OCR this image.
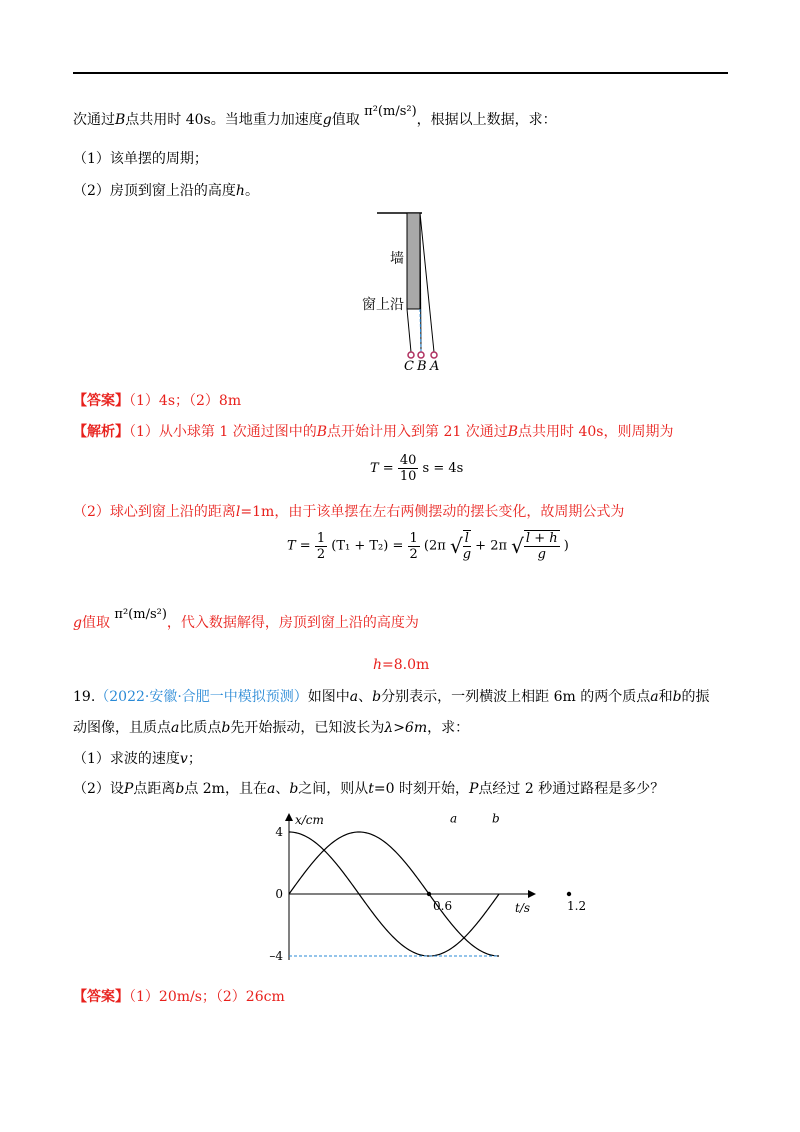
次通过B点共用时 40s。当地重力加速度g值取 π²(m/s²)，根据以上数据，求：
（1）该单摆的周期；
（2）房顶到窗上沿的高度h。
墙
窗上沿
C B A
【答案】（1）4s；（2）8m
【解析】（1）从小球第 1 次通过图中的B点开始计用入到第 21 次通过B点共用时 40s，则周期为
$T = \frac{40}{10}$ s = 4s
（2）球心到窗上沿的距离l=1m，由于该单摆在左右两侧摆动的摆长变化，故周期公式为
$T = \frac{1}{2} (T_1 + T_2) = \frac{1}{2} (2\pi$ √ $\frac{l}{g} + 2\pi$ √ $\frac{l + h}{g}$ )
g值取 π²(m/s²)，代入数据解得，房顶到窗上沿的高度为
h=8.0m
19.（2022·安徽·合肥一中模拟预测）如图中a、b分别表示，一列横波上相距 6m 的两个质点a和b的振
动图像，且质点a比质点b先开始振动，已知波长为λ>6m，求：
（1）求波的速度v；
（2）设P点距离b点 2m，且在a、b之间，则从t=0 时刻开始，P点经过 2 秒通过路程是多少？
a	b
4
0
–4
0.6	1.2
x/cm
t/s
【答案】（1）20m/s；（2）26cm
